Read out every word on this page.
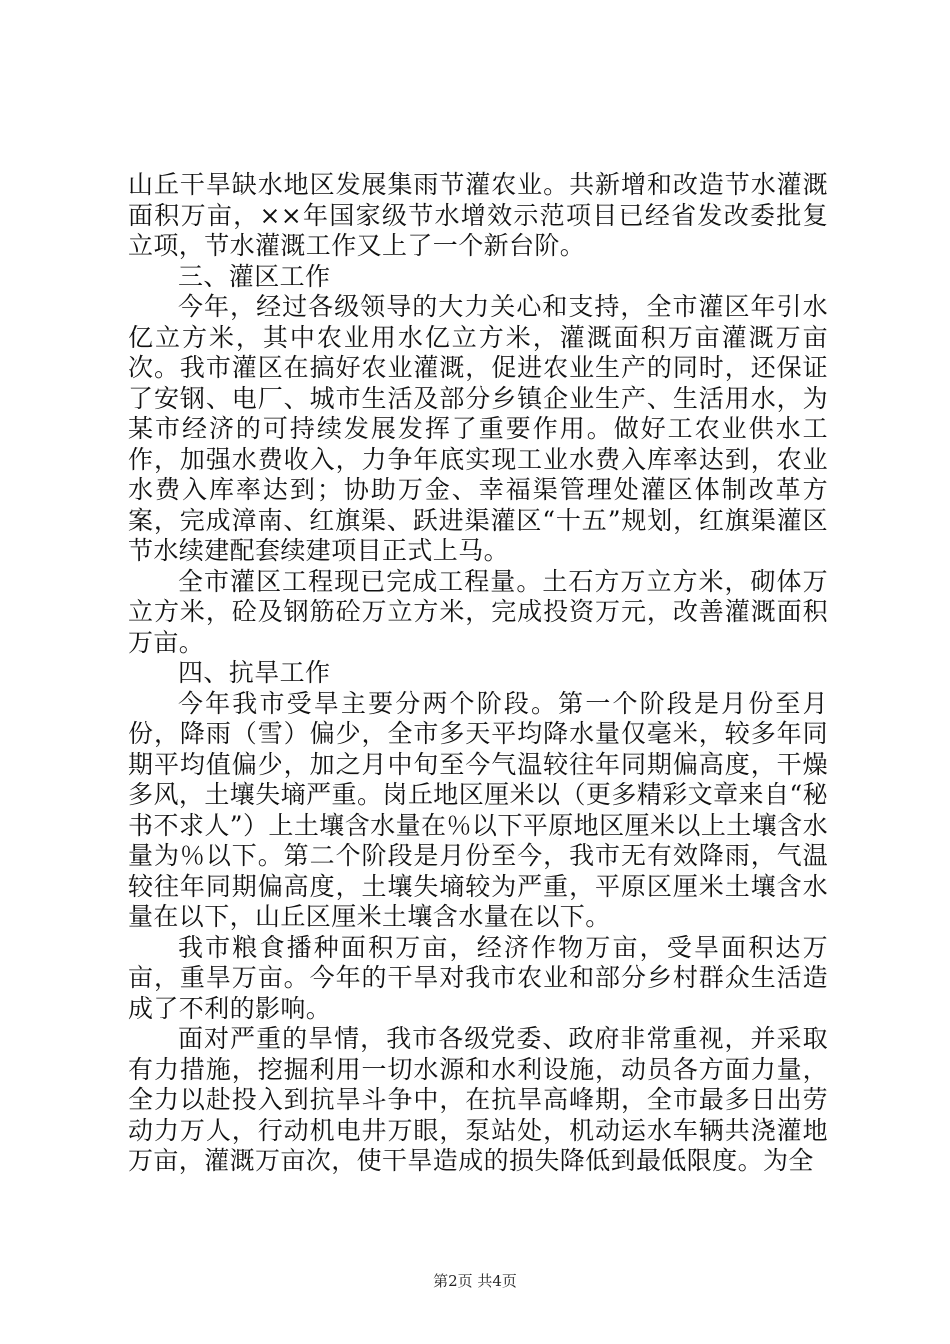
山丘干旱缺水地区发展集雨节灌农业。共新增和改造节水灌溉面积万亩，××年国家级节水增效示范项目已经省发改委批复立项，节水灌溉工作又上了一个新台阶。

三、灌区工作

今年，经过各级领导的大力关心和支持，全市灌区年引水亿立方米，其中农业用水亿立方米，灌溉面积万亩灌溉万亩次。我市灌区在搞好农业灌溉，促进农业生产的同时，还保证了安钢、电厂、城市生活及部分乡镇企业生产、生活用水，为某市经济的可持续发展发挥了重要作用。做好工农业供水工作，加强水费收入，力争年底实现工业水费入库率达到，农业水费入库率达到；协助万金、幸福渠管理处灌区体制改革方案，完成漳南、红旗渠、跃进渠灌区“十五”规划，红旗渠灌区节水续建配套续建项目正式上马。

全市灌区工程现已完成工程量。土石方万立方米，砌体万立方米，砼及钢筋砼万立方米，完成投资万元，改善灌溉面积万亩。

四、抗旱工作

今年我市受旱主要分两个阶段。第一个阶段是月份至月份，降雨（雪）偏少，全市多天平均降水量仅毫米，较多年同期平均值偏少，加之月中旬至今气温较往年同期偏高度，干燥多风，土壤失墒严重。岗丘地区厘米以（更多精彩文章来自“秘书不求人”）上土壤含水量在％以下平原地区厘米以上土壤含水量为％以下。第二个阶段是月份至今，我市无有效降雨，气温较往年同期偏高度，土壤失墒较为严重，平原区厘米土壤含水量在以下，山丘区厘米土壤含水量在以下。

我市粮食播种面积万亩，经济作物万亩，受旱面积达万亩，重旱万亩。今年的干旱对我市农业和部分乡村群众生活造成了不利的影响。

面对严重的旱情，我市各级党委、政府非常重视，并采取有力措施，挖掘利用一切水源和水利设施，动员各方面力量，全力以赴投入到抗旱斗争中，在抗旱高峰期，全市最多日出劳动力万人，行动机电井万眼，泵站处，机动运水车辆共浇灌地万亩，灌溉万亩次，使干旱造成的损失降低到最低限度。为全

第2页 共4页
